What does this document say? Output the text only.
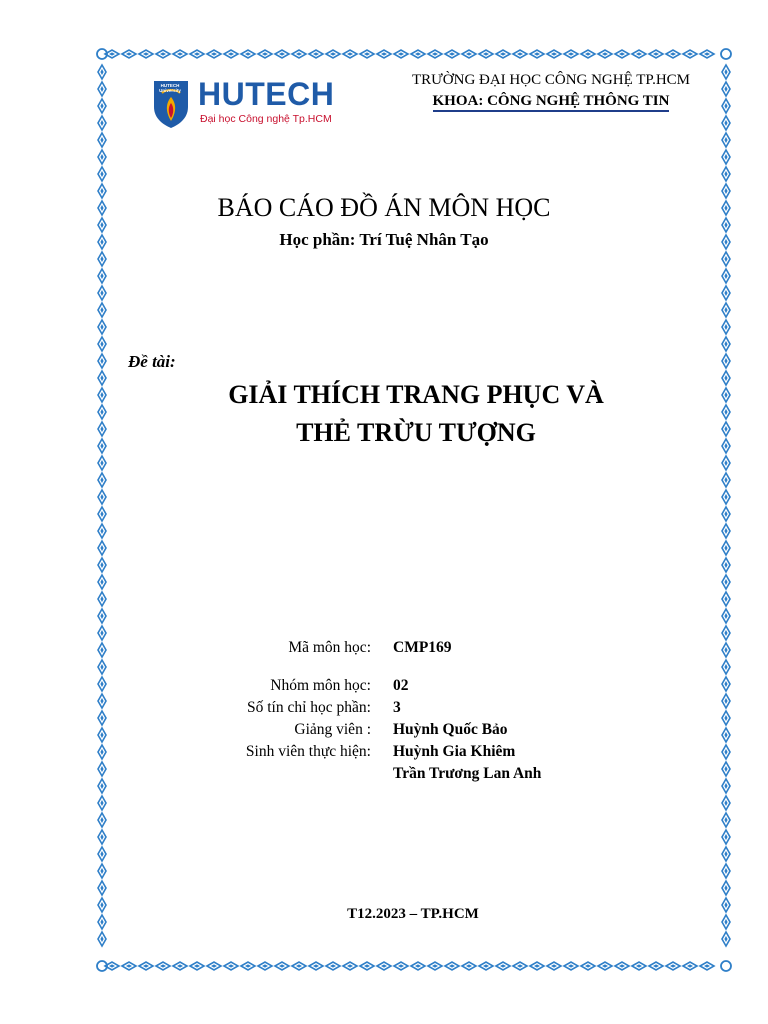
HUTECH University HUTECH
Đại học Công nghệ Tp.HCM
TRƯỜNG ĐẠI HỌC CÔNG NGHỆ TP.HCM
KHOA: CÔNG NGHỆ THÔNG TIN
BÁO CÁO ĐỒ ÁN MÔN HỌC
Học phần: Trí Tuệ Nhân Tạo
Đề tài:
GIẢI THÍCH TRANG PHỤC VÀ
THẺ TRỪU TƯỢNG
Mã môn học: CMP169
Nhóm môn học: 02
Số tín chỉ học phần: 3
Giảng viên : Huỳnh Quốc Bảo
Sinh viên thực hiện: Huỳnh Gia Khiêm
Trần Trương Lan Anh
T12.2023 – TP.HCM
